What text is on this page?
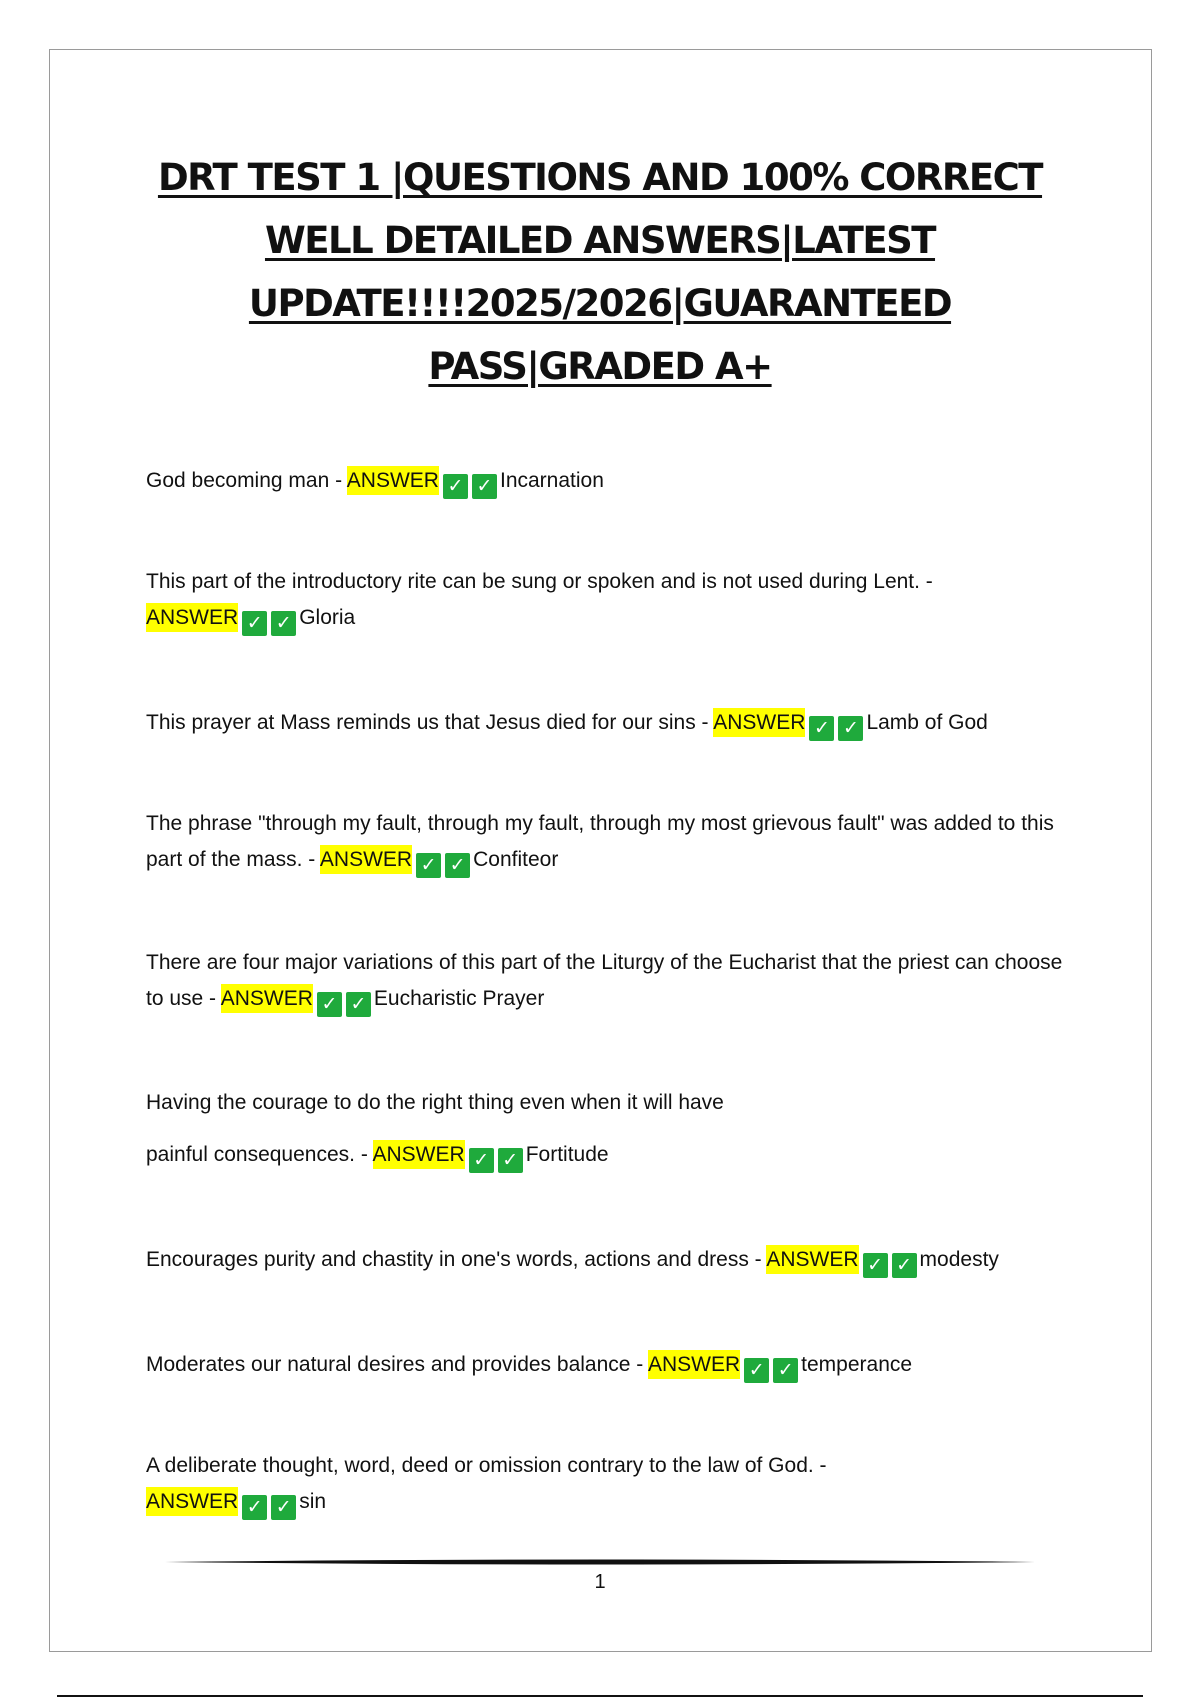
DRT TEST 1 |QUESTIONS AND 100% CORRECT
WELL DETAILED ANSWERS|LATEST
UPDATE!!!!2025/2026|GUARANTEED
PASS|GRADED A+

God becoming man - ANSWER ✓ ✓ Incarnation

This part of the introductory rite can be sung or spoken and is not used during Lent. -
ANSWER ✓ ✓ Gloria

This prayer at Mass reminds us that Jesus died for our sins - ANSWER ✓ ✓ Lamb of God

The phrase "through my fault, through my fault, through my most grievous fault" was added to this part of the mass. - ANSWER ✓ ✓ Confiteor

There are four major variations of this part of the Liturgy of the Eucharist that the priest can choose to use - ANSWER ✓ ✓ Eucharistic Prayer

Having the courage to do the right thing even when it will have

painful consequences. - ANSWER ✓ ✓ Fortitude

Encourages purity and chastity in one's words, actions and dress - ANSWER ✓ ✓ modesty

Moderates our natural desires and provides balance - ANSWER ✓ ✓ temperance

A deliberate thought, word, deed or omission contrary to the law of God. -
ANSWER ✓ ✓ sin

1
